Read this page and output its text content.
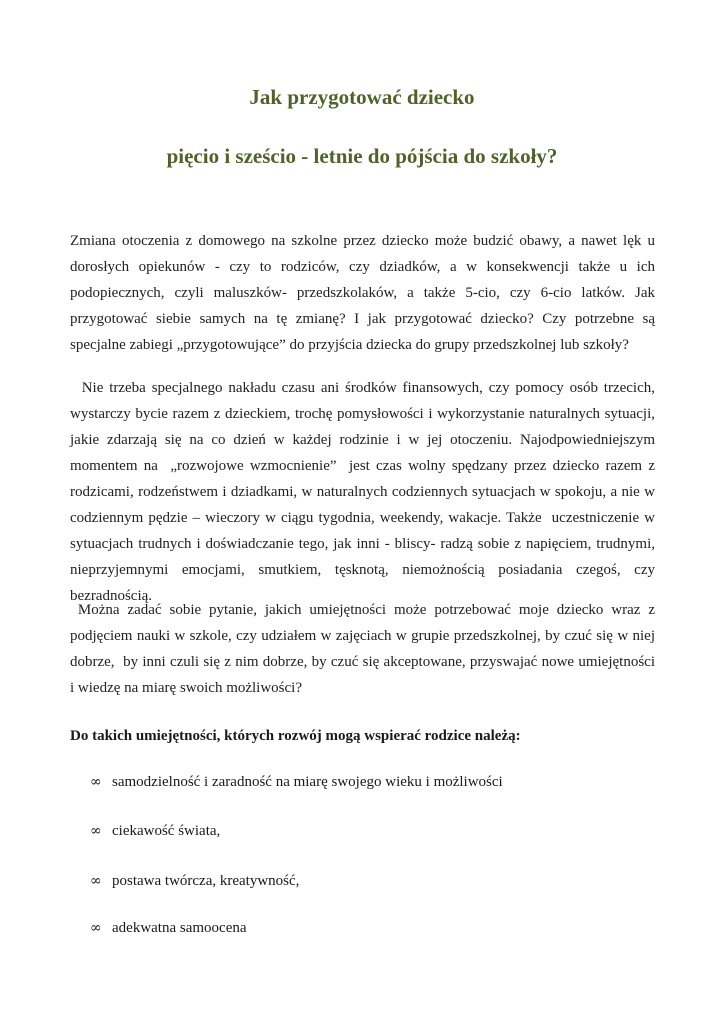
Jak przygotować dziecko
pięcio i sześcio - letnie do pójścia do szkoły?

Zmiana otoczenia z domowego na szkolne przez dziecko może budzić obawy, a nawet lęk u dorosłych opiekunów - czy to rodziców, czy dziadków, a w konsekwencji także u ich podopiecznych, czyli maluszków- przedszkolaków, a także 5-cio, czy 6-cio latków. Jak przygotować siebie samych na tę zmianę? I jak przygotować dziecko? Czy potrzebne są specjalne zabiegi „przygotowujące” do przyjścia dziecka do grupy przedszkolnej lub szkoły?

Nie trzeba specjalnego nakładu czasu ani środków finansowych, czy pomocy osób trzecich, wystarczy bycie razem z dzieckiem, trochę pomysłowości i wykorzystanie naturalnych sytuacji, jakie zdarzają się na co dzień w każdej rodzinie i w jej otoczeniu. Najodpowiedniejszym  momentem na  „rozwojowe wzmocnienie”  jest czas wolny spędzany przez dziecko razem z rodzicami, rodzeństwem i dziadkami, w naturalnych codziennych sytuacjach w spokoju, a nie w codziennym pędzie – wieczory w ciągu tygodnia, weekendy, wakacje. Także  uczestniczenie w sytuacjach trudnych i doświadczanie tego, jak inni - bliscy- radzą sobie z napięciem, trudnymi, nieprzyjemnymi emocjami, smutkiem, tęsknotą, niemożnością posiadania czegoś, czy bezradnością.

Można zadać sobie pytanie, jakich umiejętności może potrzebować moje dziecko wraz z podjęciem nauki w szkole, czy udziałem w zajęciach w grupie przedszkolnej, by czuć się w niej dobrze,  by inni czuli się z nim dobrze, by czuć się akceptowane, przyswajać nowe umiejętności i wiedzę na miarę swoich możliwości?

Do takich umiejętności, których rozwój mogą wspierać rodzice należą:

∞ samodzielność i zaradność na miarę swojego wieku i możliwości
∞ ciekawość świata,
∞ postawa twórcza, kreatywność,
∞ adekwatna samoocena
